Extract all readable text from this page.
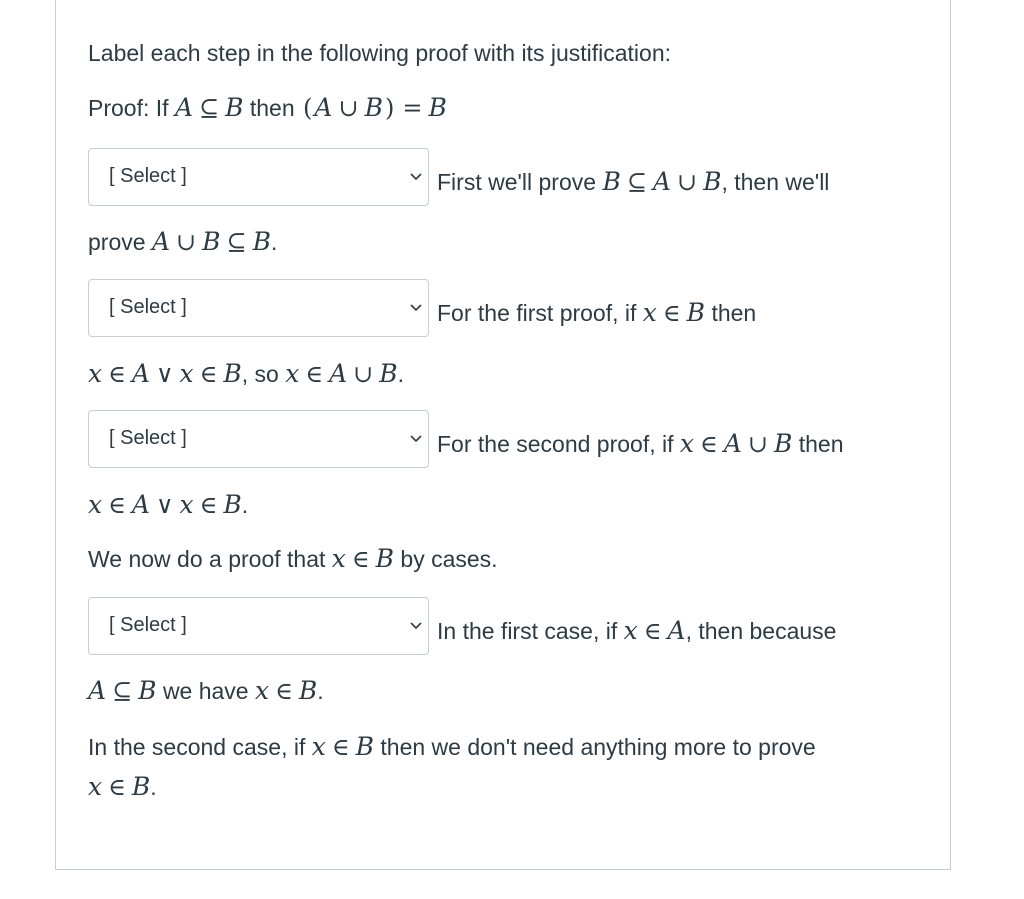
Label each step in the following proof with its justification:
Proof: If A ⊆ B then (A ∪ B) = B
[ Select ]	First we'll prove B ⊆ A ∪ B, then we'll
prove A ∪ B ⊆ B.
[ Select ]	For the first proof, if x ∈ B then
x ∈ A ∨ x ∈ B, so x ∈ A ∪ B.
[ Select ]	For the second proof, if x ∈ A ∪ B then
x ∈ A ∨ x ∈ B.
We now do a proof that x ∈ B by cases.
[ Select ]	In the first case, if x ∈ A, then because
A ⊆ B we have x ∈ B.
In the second case, if x ∈ B then we don't need anything more to prove
x ∈ B.
